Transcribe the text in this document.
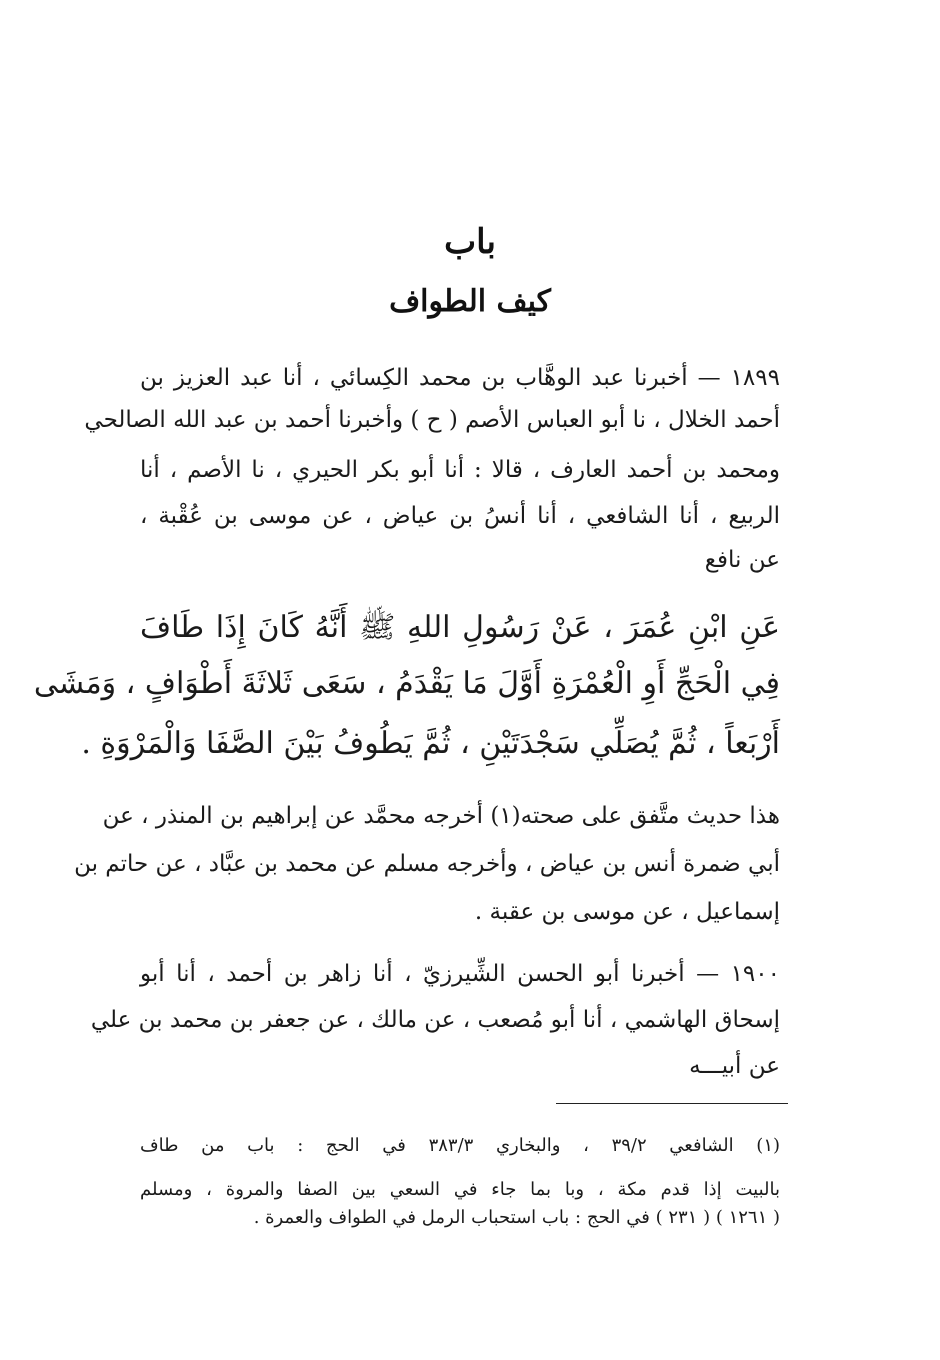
باب
كيف الطواف
١٨٩٩ — أخبرنا عبد الوهَّاب بن محمد الكِسائي ، أنا عبد العزيز بن
أحمد الخلال ، نا أبو العباس الأصم ( ح ) وأخبرنا أحمد بن عبد الله الصالحي
ومحمد بن أحمد العارف ، قالا : أنا أبو بكر الحيري ، نا الأصم ، أنا
الربيع ، أنا الشافعي ، أنا أنسُ بن عياض ، عن موسى بن عُقْبة ،
عن نافع
عَنِ ابْنِ عُمَرَ ، عَنْ رَسُولِ اللهِ ﷺ أَنَّهُ كَانَ إِذَا طَافَ
فِي الْحَجِّ أَوِ الْعُمْرَةِ أَوَّلَ مَا يَقْدَمُ ، سَعَى ثَلاثَةَ أَطْوَافٍ ، وَمَشَى
أَرْبَعاً ، ثُمَّ يُصَلِّي سَجْدَتَيْنِ ، ثُمَّ يَطُوفُ بَيْنَ الصَّفَا وَالْمَرْوَةِ .
هذا حديث متَّفق على صحته(١) أخرجه محمَّد عن إبراهيم بن المنذر ، عن
أبي ضمرة أنس بن عياض ، وأخرجه مسلم عن محمد بن عبَّاد ، عن حاتم بن
إسماعيل ، عن موسى بن عقبة .
١٩٠٠ — أخبرنا أبو الحسن الشِّيرزيّ ، أنا زاهر بن أحمد ، أنا أبو
إسحاق الهاشمي ، أنا أبو مُصعب ، عن مالك ، عن جعفر بن محمد بن علي
عن أبيـــه
(١) الشافعي ٣٩/٢ ، والبخاري ٣٨٣/٣ في الحج : باب من طاف
بالبيت إذا قدم مكة ، وبا بما جاء في السعي بين الصفا والمروة ، ومسلم
( ١٢٦١ ) ( ٢٣١ ) في الحج : باب استحباب الرمل في الطواف والعمرة .
